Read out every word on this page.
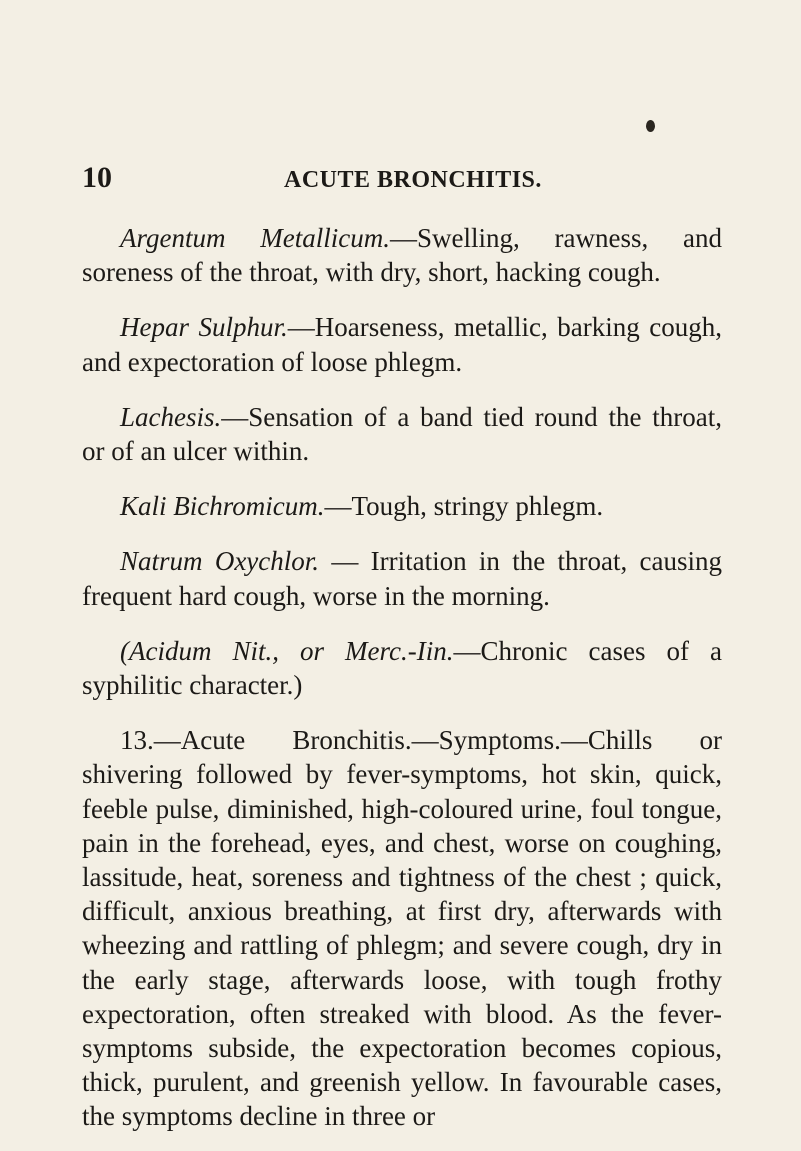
10	ACUTE BRONCHITIS.

Argentum Metallicum.—Swelling, rawness, and soreness of the throat, with dry, short, hacking cough.

Hepar Sulphur.—Hoarseness, metallic, barking cough, and expectoration of loose phlegm.

Lachesis.—Sensation of a band tied round the throat, or of an ulcer within.

Kali Bichromicum.—Tough, stringy phlegm.

Natrum Oxychlor. — Irritation in the throat, causing frequent hard cough, worse in the morning.

(Acidum Nit., or Merc.-Iin.—Chronic cases of a syphilitic character.)

13.—Acute Bronchitis.—Symptoms.—Chills or shivering followed by fever-symptoms, hot skin, quick, feeble pulse, diminished, high-coloured urine, foul tongue, pain in the forehead, eyes, and chest, worse on coughing, lassitude, heat, soreness and tightness of the chest ; quick, difficult, anxious breathing, at first dry, afterwards with wheezing and rattling of phlegm; and severe cough, dry in the early stage, afterwards loose, with tough frothy expectoration, often streaked with blood. As the fever-symptoms subside, the expectoration becomes copious, thick, purulent, and greenish yellow. In favourable cases, the symptoms decline in three or
